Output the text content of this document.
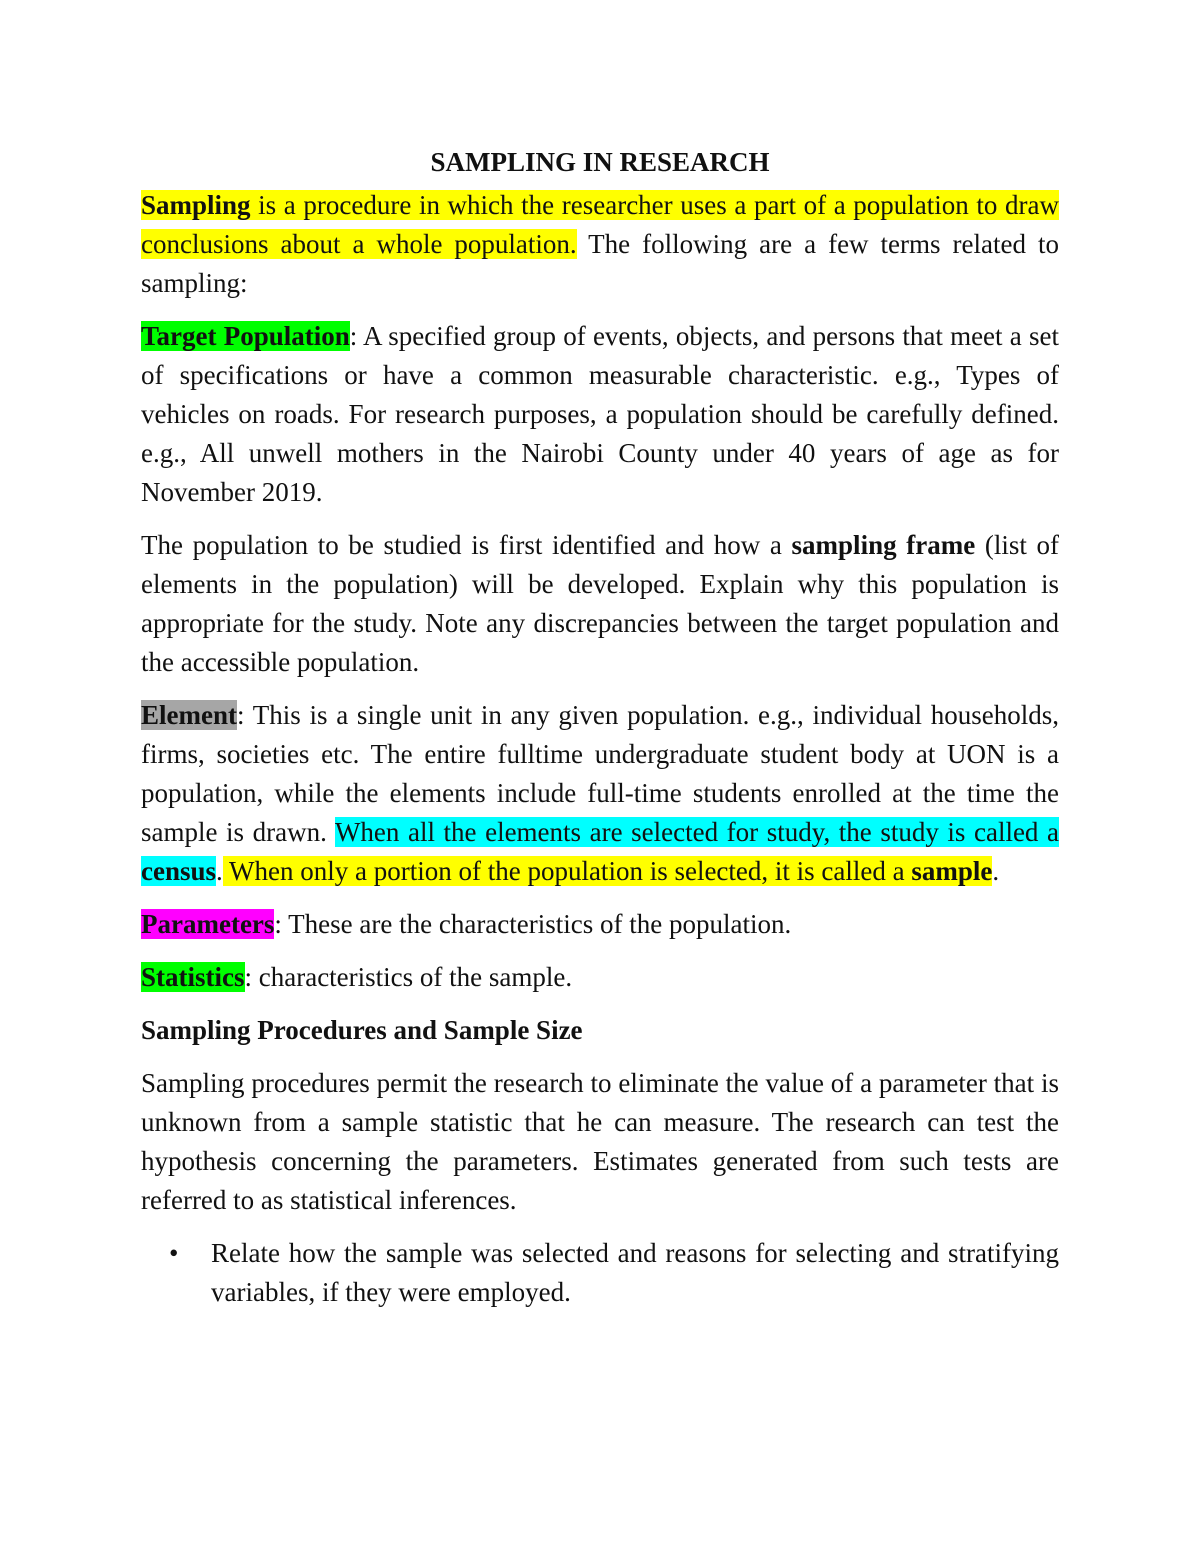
SAMPLING IN RESEARCH

Sampling is a procedure in which the researcher uses a part of a population to draw conclusions about a whole population. The following are a few terms related to sampling:

Target Population: A specified group of events, objects, and persons that meet a set of specifications or have a common measurable characteristic. e.g., Types of vehicles on roads. For research purposes, a population should be carefully defined. e.g., All unwell mothers in the Nairobi County under 40 years of age as for November 2019.

The population to be studied is first identified and how a sampling frame (list of elements in the population) will be developed. Explain why this population is appropriate for the study. Note any discrepancies between the target population and the accessible population.

Element: This is a single unit in any given population. e.g., individual households, firms, societies etc. The entire fulltime undergraduate student body at UON is a population, while the elements include full-time students enrolled at the time the sample is drawn. When all the elements are selected for study, the study is called a census. When only a portion of the population is selected, it is called a sample.

Parameters: These are the characteristics of the population.

Statistics: characteristics of the sample.

Sampling Procedures and Sample Size

Sampling procedures permit the research to eliminate the value of a parameter that is unknown from a sample statistic that he can measure. The research can test the hypothesis concerning the parameters. Estimates generated from such tests are referred to as statistical inferences.

• Relate how the sample was selected and reasons for selecting and stratifying variables, if they were employed.
